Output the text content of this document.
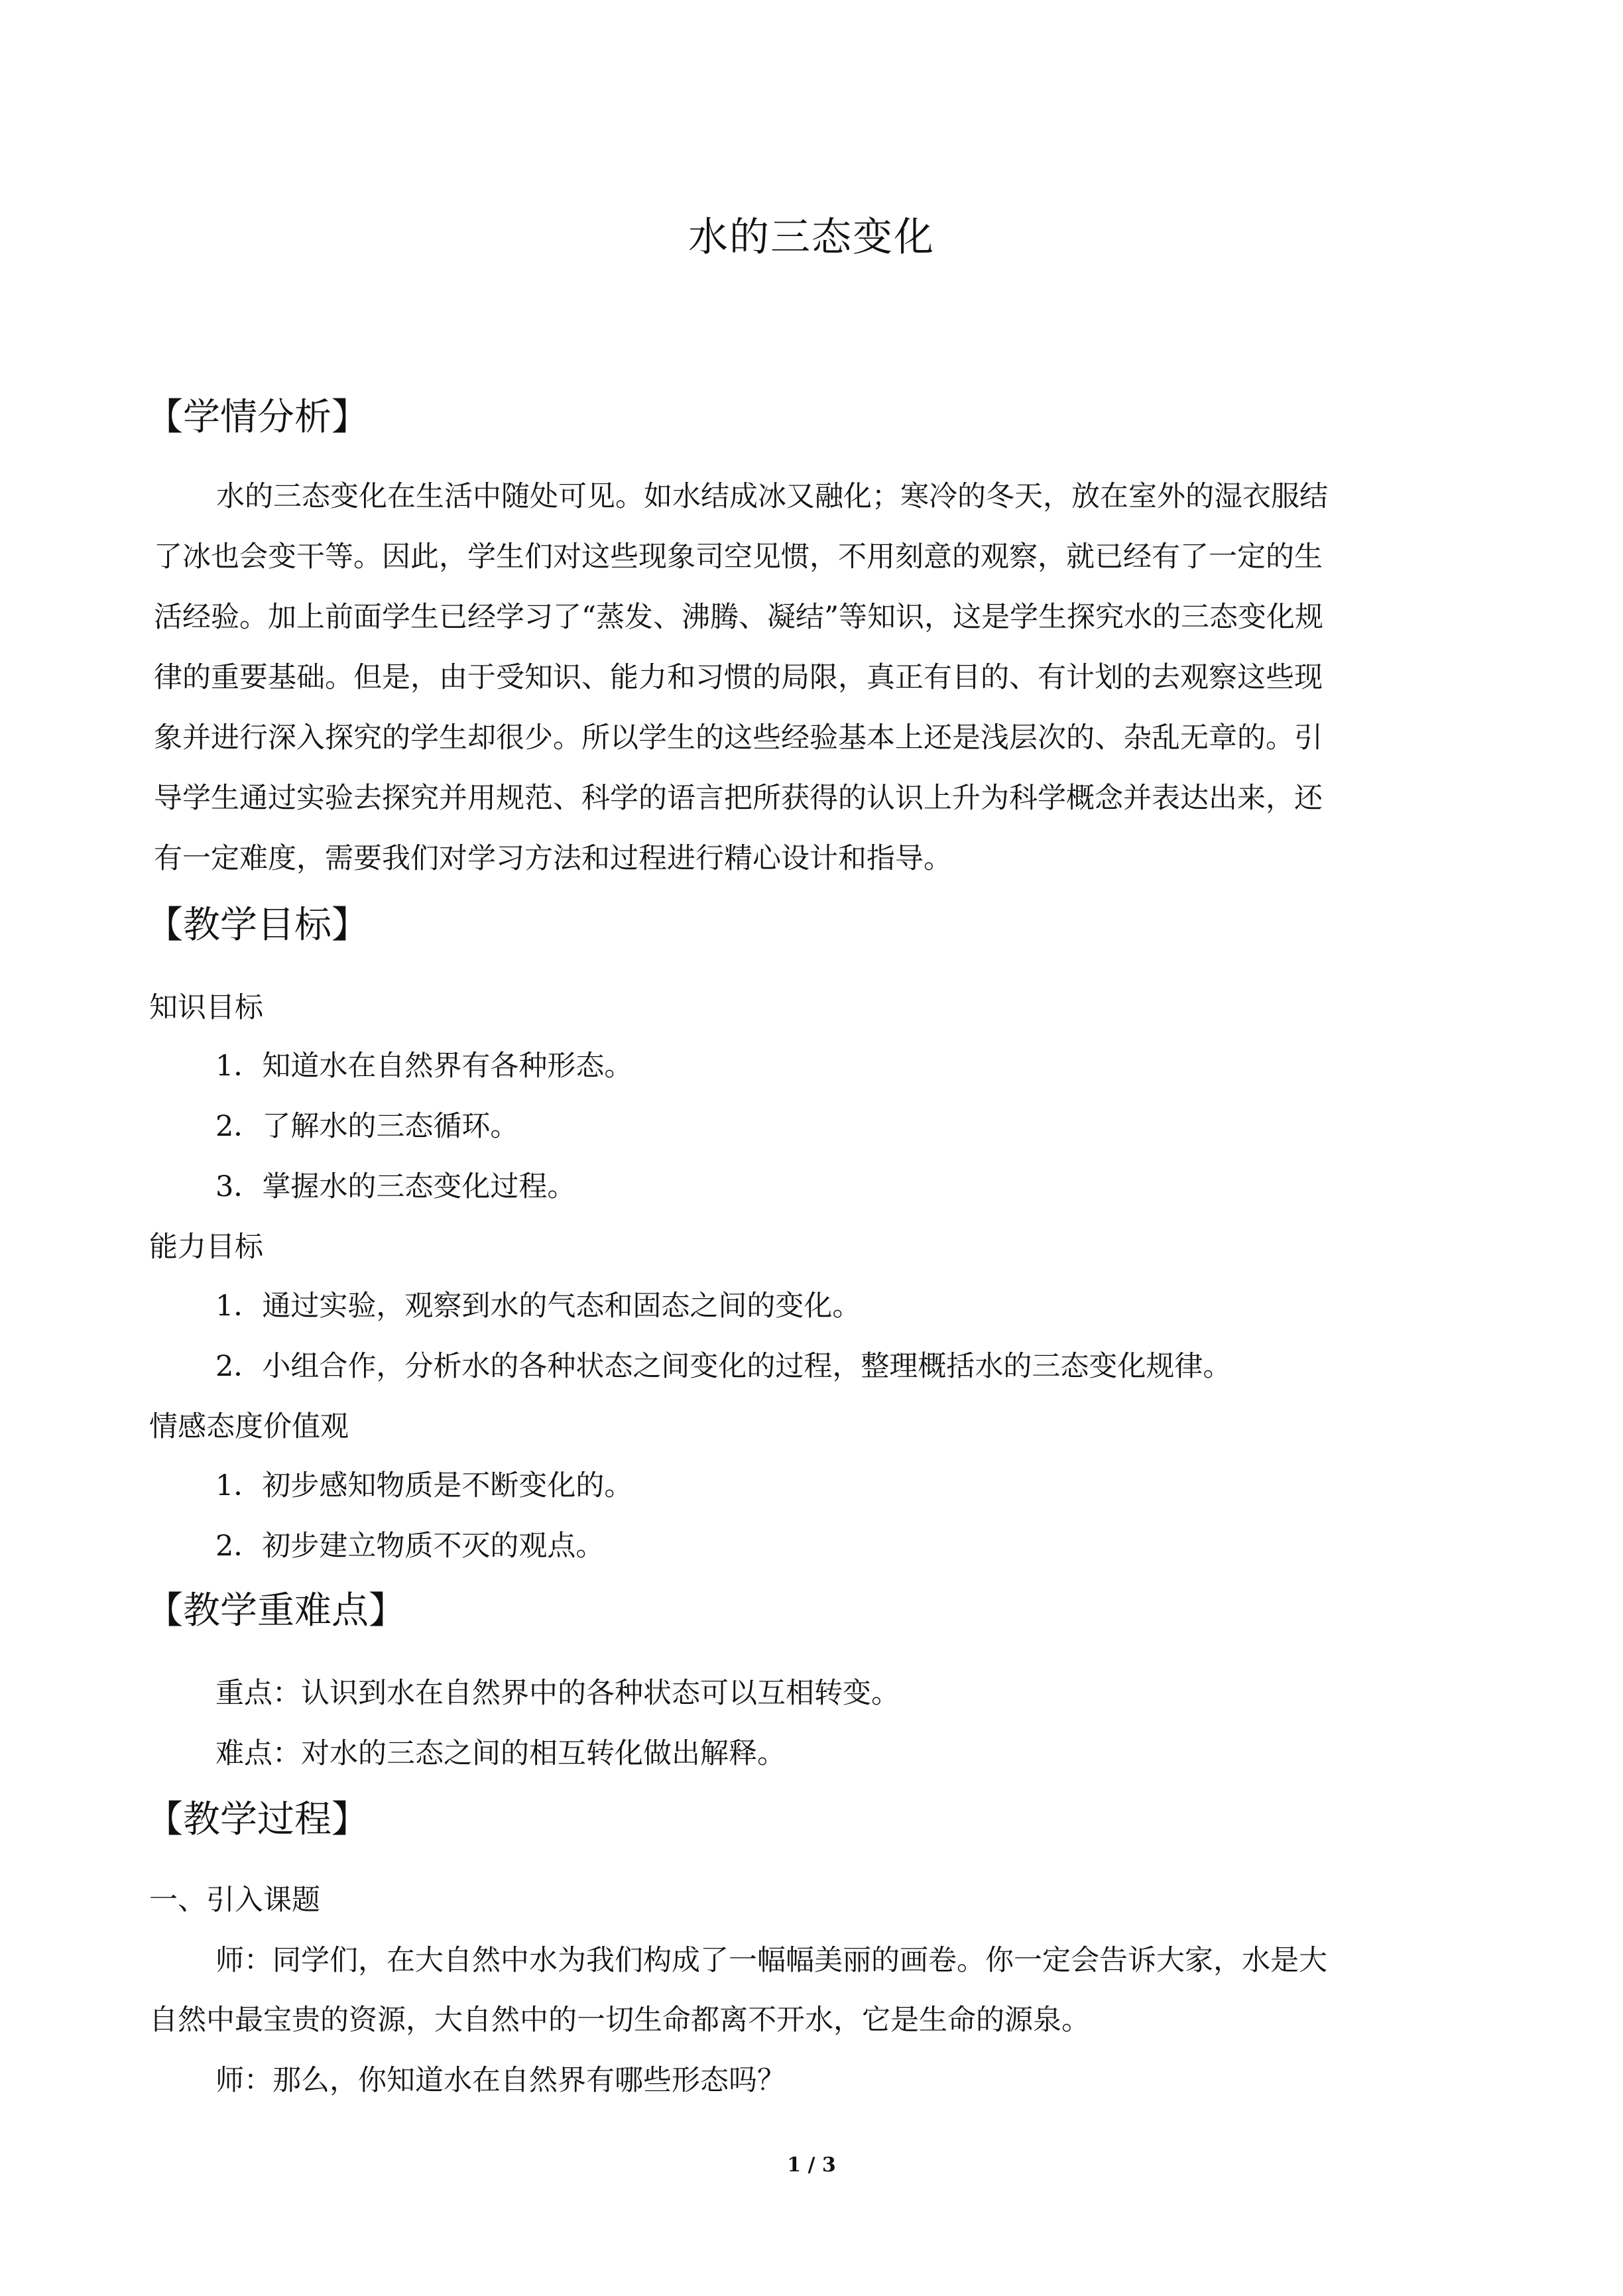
水的三态变化
【学情分析】
水的三态变化在生活中随处可见。如水结成冰又融化；寒冷的冬天，放在室外的湿衣服结
了冰也会变干等。因此，学生们对这些现象司空见惯，不用刻意的观察，就已经有了一定的生
活经验。加上前面学生已经学习了“蒸发、沸腾、凝结”等知识，这是学生探究水的三态变化规
律的重要基础。但是，由于受知识、能力和习惯的局限，真正有目的、有计划的去观察这些现
象并进行深入探究的学生却很少。所以学生的这些经验基本上还是浅层次的、杂乱无章的。引
导学生通过实验去探究并用规范、科学的语言把所获得的认识上升为科学概念并表达出来，还
有一定难度，需要我们对学习方法和过程进行精心设计和指导。
【教学目标】

知识目标

1．知道水在自然界有各种形态。

2．了解水的三态循环。

3．掌握水的三态变化过程。

能力目标

1．通过实验，观察到水的气态和固态之间的变化。

2．小组合作，分析水的各种状态之间变化的过程，整理概括水的三态变化规律。

情感态度价值观

1．初步感知物质是不断变化的。

2．初步建立物质不灭的观点。

【教学重难点】

重点：认识到水在自然界中的各种状态可以互相转变。

难点：对水的三态之间的相互转化做出解释。

【教学过程】

一、引入课题

师：同学们，在大自然中水为我们构成了一幅幅美丽的画卷。你一定会告诉大家，水是大

自然中最宝贵的资源，大自然中的一切生命都离不开水，它是生命的源泉。

师：那么，你知道水在自然界有哪些形态吗？

1 / 3
